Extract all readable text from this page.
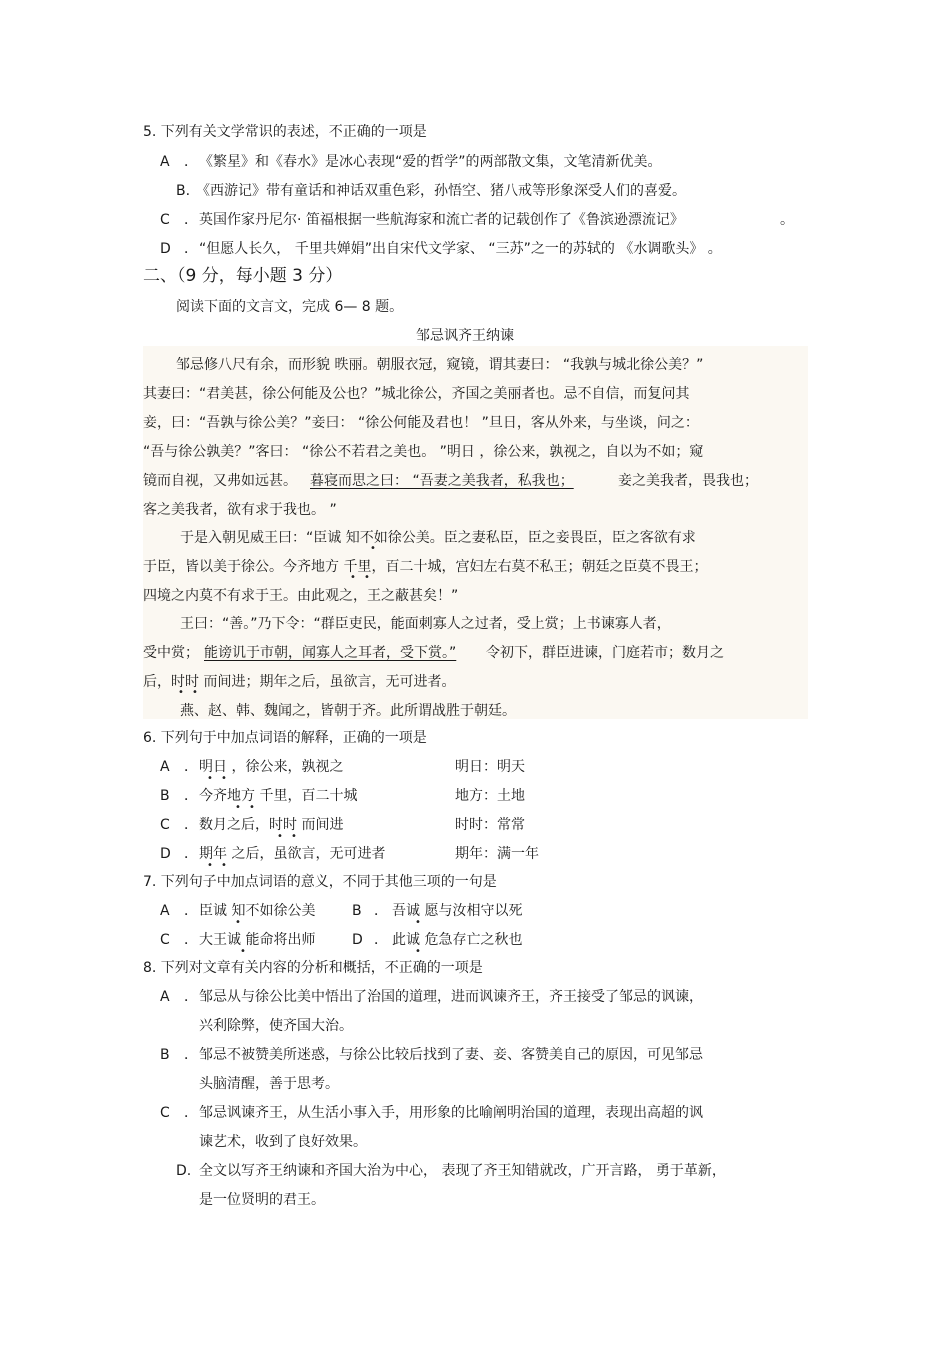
5. 下列有关文学常识的表述，不正确的一项是
A ． 《繁星》和《春水》是冰心表现“爱的哲学”的两部散文集，文笔清新优美。
B. 《西游记》带有童话和神话双重色彩，孙悟空、猪八戒等形象深受人们的喜爱。
C ． 英国作家丹尼尔· 笛福根据一些航海家和流亡者的记载创作了《鲁滨逊漂流记》	。
D ． “但愿人长久， 千里共婵娟”出自宋代文学家、 “三苏”之一的苏轼的 《水调歌头》 。
二、（9 分，每小题 3 分）
阅读下面的文言文，完成 6— 8 题。
邹忌讽齐王纳谏
邹忌修八尺有余，而形貌 昳丽。朝服衣冠，窥镜，谓其妻曰： “我孰与城北徐公美？”
其妻曰：“君美甚，徐公何能及公也？”城北徐公，齐国之美丽者也。忌不自信，而复问其
妾，曰：“吾孰与徐公美？”妾曰： “徐公何能及君也！ ”旦日，客从外来，与坐谈，问之：
“吾与徐公孰美？”客曰： “徐公不若君之美也。 ”明日 ，徐公来，孰视之，自以为不如；窥
镜而自视，又弗如远甚。 暮寝而思之曰： “吾妻之美我者，私我也；	妾之美我者，畏我也；
客之美我者，欲有求于我也。 ”
于是入朝见威王曰：“臣诚 知不如徐公美。臣之妻私臣，臣之妾畏臣，臣之客欲有求
于臣，皆以美于徐公。今齐地方 千里，百二十城，宫妇左右莫不私王；朝廷之臣莫不畏王；
四境之内莫不有求于王。由此观之，王之蔽甚矣！”
王曰：“善。”乃下令：“群臣吏民，能面刺寡人之过者，受上赏；上书谏寡人者，
受中赏； 能谤讥于市朝，闻寡人之耳者，受下赏。” 令初下，群臣进谏，门庭若市；数月之
后，时时 而间进；期年之后，虽欲言，无可进者。
燕、赵、韩、魏闻之，皆朝于齐。此所谓战胜于朝廷。
•
• •
• •
6. 下列句于中加点词语的解释，正确的一项是
A ． 明日 ，徐公来，孰视之	明日：明天
B ． 今齐地方 千里，百二十城	地方：土地
C ． 数月之后，时时 而间进	时时：常常
D ． 期年 之后，虽欲言，无可进者	期年：满一年
• •
• •
• •
• •
7. 下列句子中加点词语的意义，不同于其他三项的一句是
A ． 臣诚 知不如徐公美	B ． 吾诚 愿与汝相守以死
C ． 大王诚 能命将出师	D ． 此诚 危急存亡之秋也
•	•
•	•
8. 下列对文章有关内容的分析和概括，不正确的一项是
A ． 邹忌从与徐公比美中悟出了治国的道理，进而讽谏齐王，齐王接受了邹忌的讽谏，
兴利除弊，使齐国大治。
B ． 邹忌不被赞美所迷惑，与徐公比较后找到了妻、妾、客赞美自己的原因，可见邹忌
头脑清醒，善于思考。
C ． 邹忌讽谏齐王，从生活小事入手，用形象的比喻阐明治国的道理，表现出高超的讽
谏艺术，收到了良好效果。
D. 全文以写齐王纳谏和齐国大治为中心， 表现了齐王知错就改，广开言路， 勇于革新，
是一位贤明的君王。
